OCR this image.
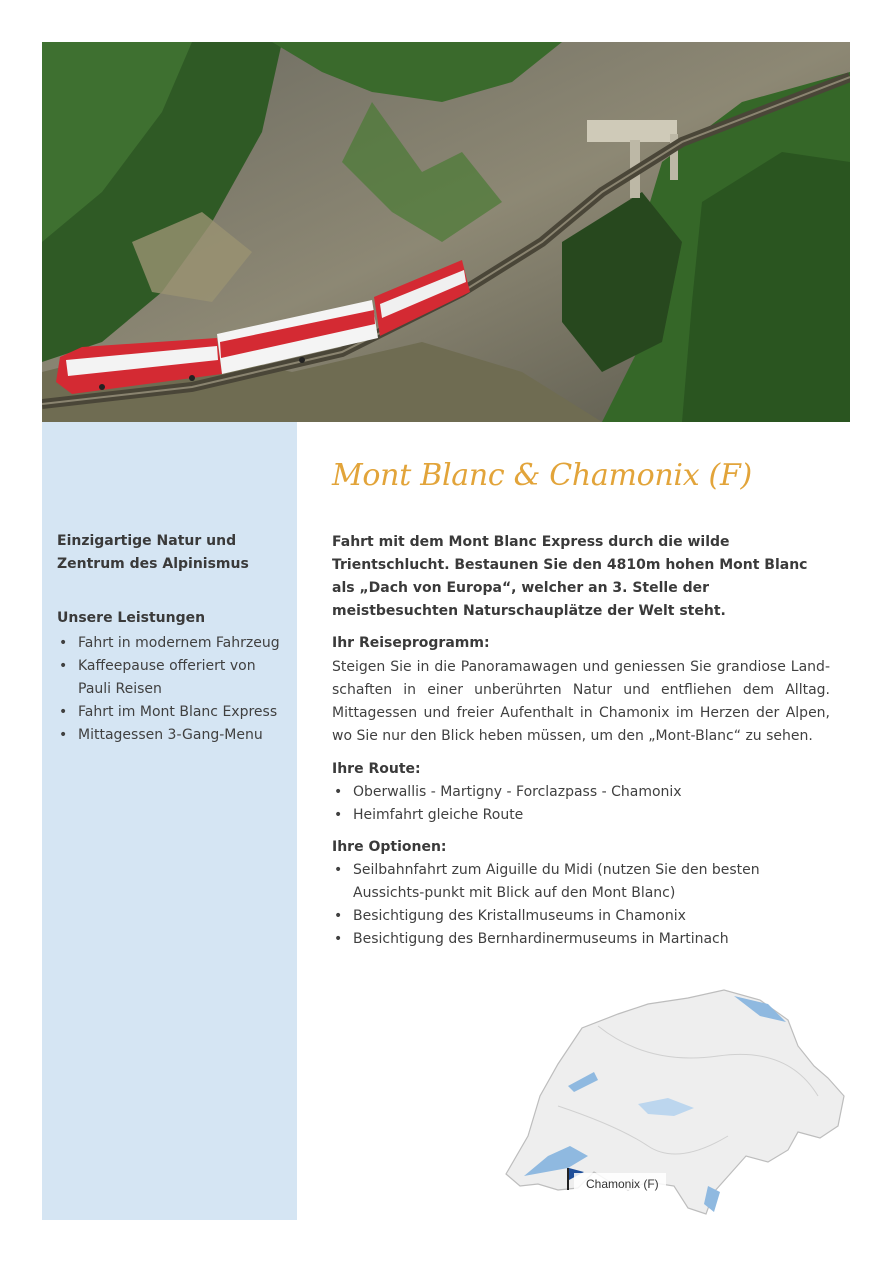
Einzigartige Natur und Zentrum des Alpinismus
Unsere Leistungen
• Fahrt in modernem Fahrzeug
• Kaffeepause offeriert von Pauli Reisen
• Fahrt im Mont Blanc Express
• Mittagessen 3-Gang-Menu
Mont Blanc & Chamonix (F)
Fahrt mit dem Mont Blanc Express durch die wilde Trientschlucht. Bestaunen Sie den 4810m hohen Mont Blanc als „Dach von Europa“, welcher an 3. Stelle der meistbesuchten Naturschauplätze der Welt steht.
Ihr Reiseprogramm:
Steigen Sie in die Panoramawagen und geniessen Sie grandiose Land-schaften in einer unberührten Natur und entfliehen dem Alltag. Mittagessen und freier Aufenthalt in Chamonix im Herzen der Alpen, wo Sie nur den Blick heben müssen, um den „Mont-Blanc“ zu sehen.
Ihre Route:
• Oberwallis - Martigny - Forclazpass - Chamonix
• Heimfahrt gleiche Route
Ihre Optionen:
• Seilbahnfahrt zum Aiguille du Midi (nutzen Sie den besten Aussichts-punkt mit Blick auf den Mont Blanc)
• Besichtigung des Kristallmuseums in Chamonix
• Besichtigung des Bernhardinermuseums in Martinach
Chamonix (F)
